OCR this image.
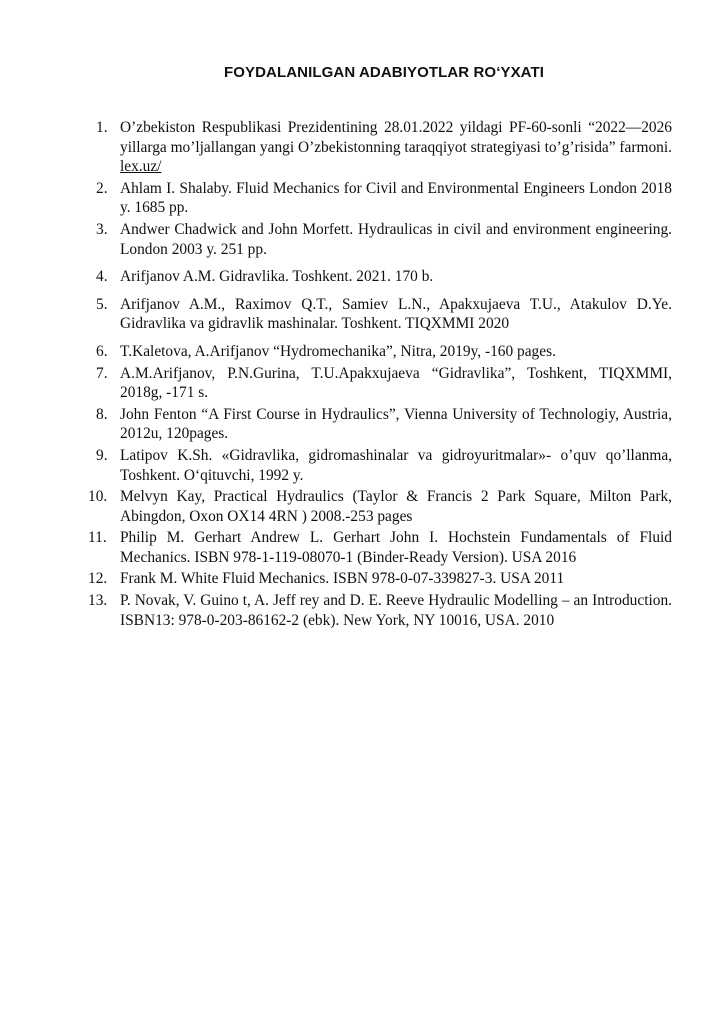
FOYDALANILGAN ADABIYOTLAR RO‘YXATI
1. O’zbekiston Respublikasi Prezidentining 28.01.2022 yildagi PF-60-sonli “2022—2026 yillarga mo’ljallangan yangi O’zbekistonning taraqqiyot strategiyasi to’g’risida” farmoni. lex.uz/
2. Ahlam I. Shalaby. Fluid Mechanics for Civil and Environmental Engineers London 2018 y. 1685 pp.
3. Andwer Chadwick and John Morfett. Hydraulicas in civil and environment engineering. London 2003 y. 251 pp.
4. Arifjanov A.M. Gidravlika. Toshkent. 2021. 170 b.
5. Arifjanov A.M., Raximov Q.T., Samiev L.N., Apakxujaeva T.U., Atakulov D.Ye. Gidravlika va gidravlik mashinalar. Toshkent. TIQXMMI 2020
6. T.Kaletova, A.Arifjanov “Hydromechanika”, Nitra, 2019y, -160 pages.
7. A.M.Arifjanov, P.N.Gurina, T.U.Apakxujaeva “Gidravlika”, Toshkent, TIQXMMI, 2018g, -171 s.
8. John Fenton “A First Course in Hydraulics”, Vienna University of Technologiy, Austria, 2012u, 120pages.
9. Latipov K.Sh. «Gidravlika, gidromashinalar va gidroyuritmalar»- o’quv qo’llanma, Toshkent. O‘qituvchi, 1992 y.
10. Melvyn Kay, Practical Hydraulics (Taylor & Francis 2 Park Square, Milton Park, Abingdon, Oxon OX14 4RN ) 2008.-253 pages
11. Philip M. Gerhart Andrew L. Gerhart John I. Hochstein Fundamentals of Fluid Mechanics. ISBN 978-1-119-08070-1 (Binder-Ready Version). USA 2016
12. Frank M. White Fluid Mechanics. ISBN 978-0-07-339827-3. USA 2011
13. P. Novak, V. Guino t, A. Jeff rey and D. E. Reeve Hydraulic Modelling – an Introduction. ISBN13: 978-0-203-86162-2 (ebk). New York, NY 10016, USA. 2010
